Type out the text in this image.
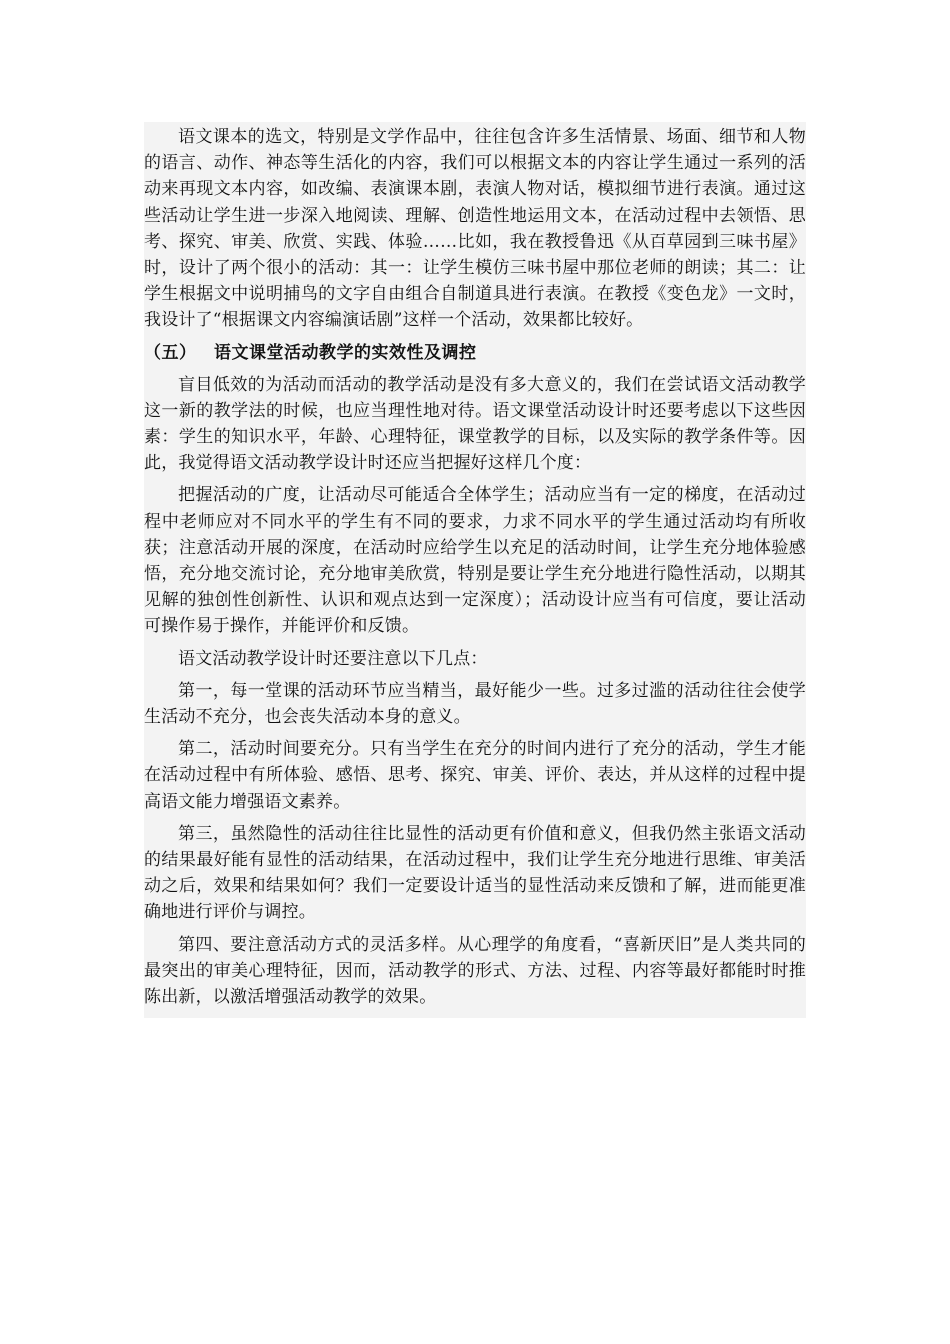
语文课本的选文，特别是文学作品中，往往包含许多生活情景、场面、细节和人物的语言、动作、神态等生活化的内容，我们可以根据文本的内容让学生通过一系列的活动来再现文本内容，如改编、表演课本剧，表演人物对话，模拟细节进行表演。通过这些活动让学生进一步深入地阅读、理解、创造性地运用文本，在活动过程中去领悟、思考、探究、审美、欣赏、实践、体验……比如，我在教授鲁迅《从百草园到三味书屋》时，设计了两个很小的活动：其一：让学生模仿三味书屋中那位老师的朗读；其二：让学生根据文中说明捕鸟的文字自由组合自制道具进行表演。在教授《变色龙》一文时，我设计了“根据课文内容编演话剧”这样一个活动，效果都比较好。

（五） 语文课堂活动教学的实效性及调控

盲目低效的为活动而活动的教学活动是没有多大意义的，我们在尝试语文活动教学这一新的教学法的时候，也应当理性地对待。语文课堂活动设计时还要考虑以下这些因素：学生的知识水平，年龄、心理特征，课堂教学的目标，以及实际的教学条件等。因此，我觉得语文活动教学设计时还应当把握好这样几个度：

把握活动的广度，让活动尽可能适合全体学生；活动应当有一定的梯度，在活动过程中老师应对不同水平的学生有不同的要求，力求不同水平的学生通过活动均有所收获；注意活动开展的深度，在活动时应给学生以充足的活动时间，让学生充分地体验感悟，充分地交流讨论，充分地审美欣赏，特别是要让学生充分地进行隐性活动，以期其见解的独创性创新性、认识和观点达到一定深度）；活动设计应当有可信度，要让活动可操作易于操作，并能评价和反馈。

语文活动教学设计时还要注意以下几点：

第一，每一堂课的活动环节应当精当，最好能少一些。过多过滥的活动往往会使学生活动不充分，也会丧失活动本身的意义。

第二，活动时间要充分。只有当学生在充分的时间内进行了充分的活动，学生才能在活动过程中有所体验、感悟、思考、探究、审美、评价、表达，并从这样的过程中提高语文能力增强语文素养。

第三，虽然隐性的活动往往比显性的活动更有价值和意义，但我仍然主张语文活动的结果最好能有显性的活动结果，在活动过程中，我们让学生充分地进行思维、审美活动之后，效果和结果如何？我们一定要设计适当的显性活动来反馈和了解，进而能更准确地进行评价与调控。

第四、要注意活动方式的灵活多样。从心理学的角度看，“喜新厌旧”是人类共同的最突出的审美心理特征，因而，活动教学的形式、方法、过程、内容等最好都能时时推陈出新，以激活增强活动教学的效果。
